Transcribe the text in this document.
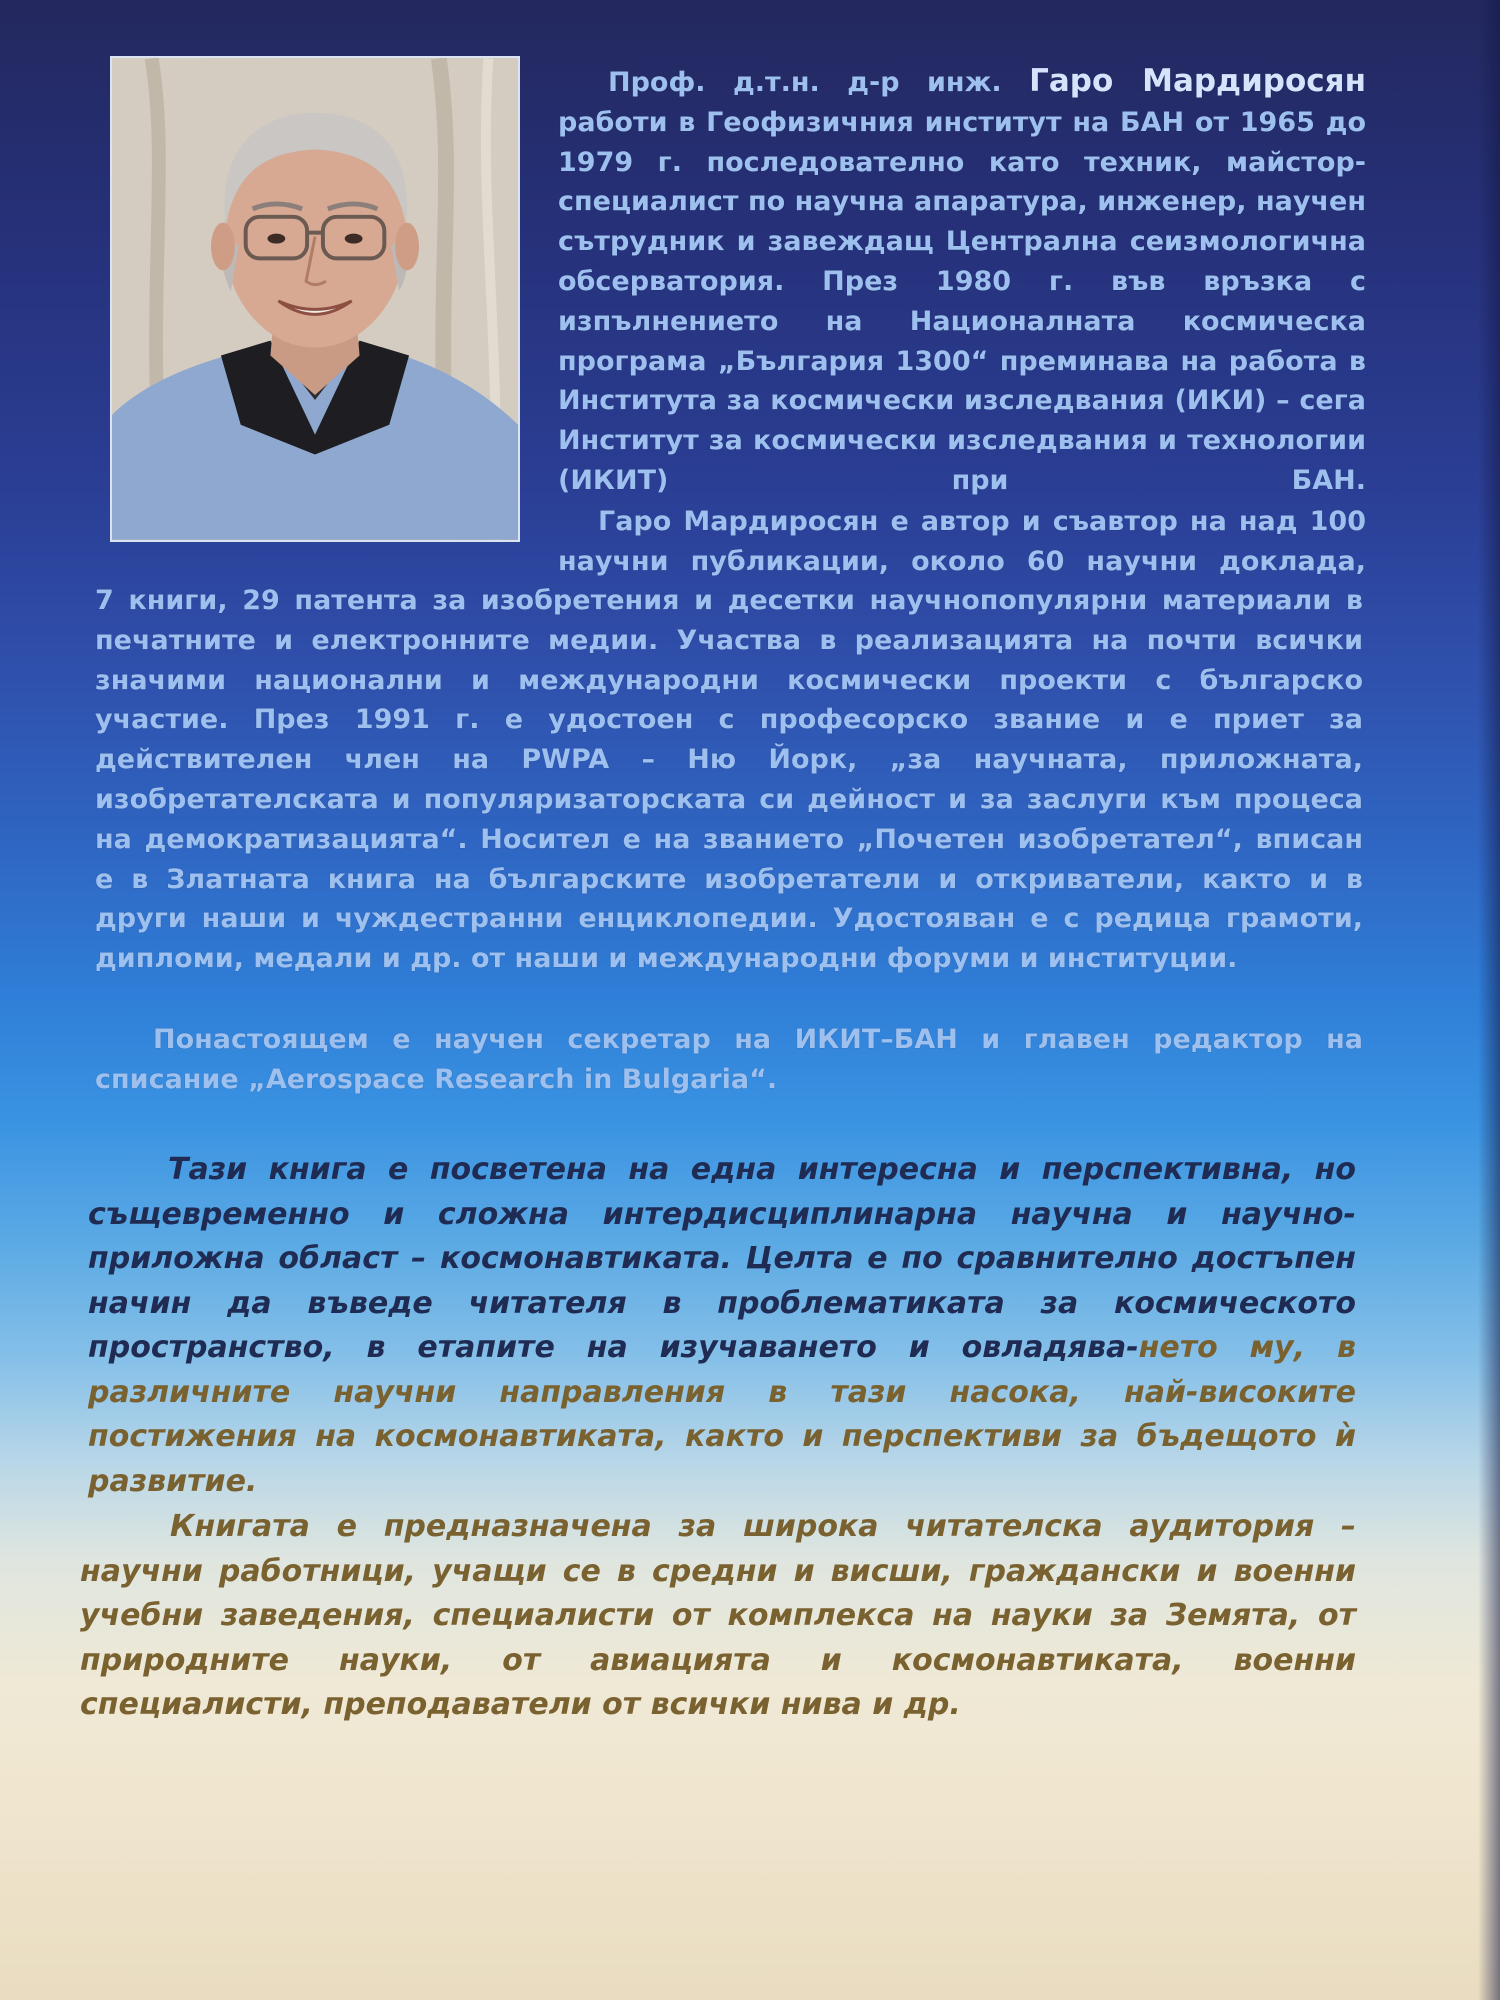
Проф. д.т.н. д-р инж. Гаро Мардиросян работи в Геофизичния институт на БАН от 1965 до 1979 г. последователно като техник, майстор-специалист по научна апаратура, инженер, научен сътрудник и завеждащ Централна сеизмологична обсерватория. През 1980 г. във връзка с изпълнението на Националната космическа програма „България 1300“ преминава на работа в Института за космически изследвания (ИКИ) – сега Институт за космически изследвания и технологии (ИКИТ) при БАН.

Гаро Мардиросян е автор и съавтор на над 100 научни публикации, около 60 научни доклада,

7 книги, 29 патента за изобретения и десетки научнопопулярни материали в печатните и електронните медии. Участва в реализацията на почти всички значими национални и международни космически проекти с българско участие. През 1991 г. е удостоен с професорско звание и е приет за действителен член на PWPA – Ню Йорк, „за научната, приложната, изобретателската и популяризаторската си дейност и за заслуги към процеса на демократизацията“. Носител е на званието „Почетен изобретател“, вписан е в Златната книга на българските изобретатели и откриватели, както и в други наши и чуждестранни енциклопедии. Удостояван е с редица грамоти, дипломи, медали и др. от наши и международни форуми и институции.

Понастоящем е научен секретар на ИКИТ–БАН и главен редактор на списание „Aerospace Research in Bulgaria“.

Тази книга е посветена на една интересна и перспективна, но същевременно и сложна интердисциплинарна научна и научно-приложна област – космонавтиката. Целта е по сравнително достъпен начин да въведе читателя в проблематиката за космическото пространство, в етапите на изучаването и овладява-нето му, в различните научни направления в тази насока, най-високите постижения на космонавтиката, както и перспективи за бъдещото ѝ развитие.

Книгата е предназначена за широка читателска аудитория – научни работници, учащи се в средни и висши, граждански и военни учебни заведения, специалисти от комплекса на науки за Земята, от природните науки, от авиацията и космонавтиката, военни специалисти, преподаватели от всички нива и др.
